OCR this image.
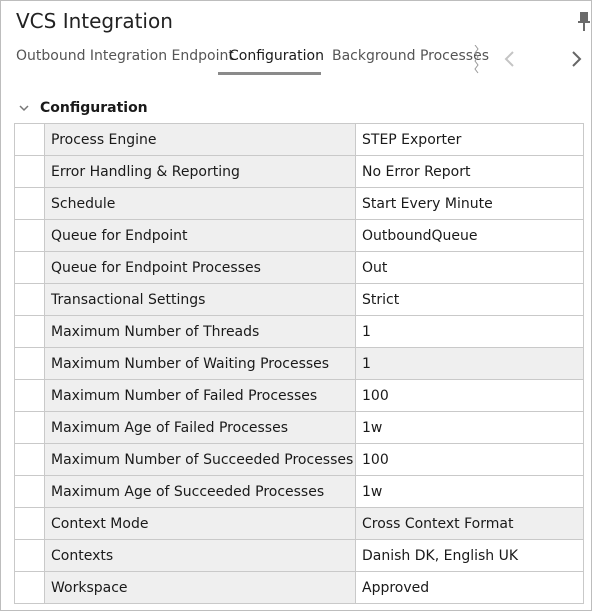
VCS Integration
Outbound Integration Endpoint
Configuration Background Processes
Configuration
	Process Engine	STEP Exporter
	Error Handling & Reporting	No Error Report
	Schedule	Start Every Minute
	Queue for Endpoint	OutboundQueue
	Queue for Endpoint Processes	Out
	Transactional Settings	Strict
	Maximum Number of Threads	1
	Maximum Number of Waiting Processes	1
	Maximum Number of Failed Processes	100
	Maximum Age of Failed Processes	1w
	Maximum Number of Succeeded Processes	100
	Maximum Age of Succeeded Processes	1w
	Context Mode	Cross Context Format
	Contexts	Danish DK, English UK
	Workspace	Approved
